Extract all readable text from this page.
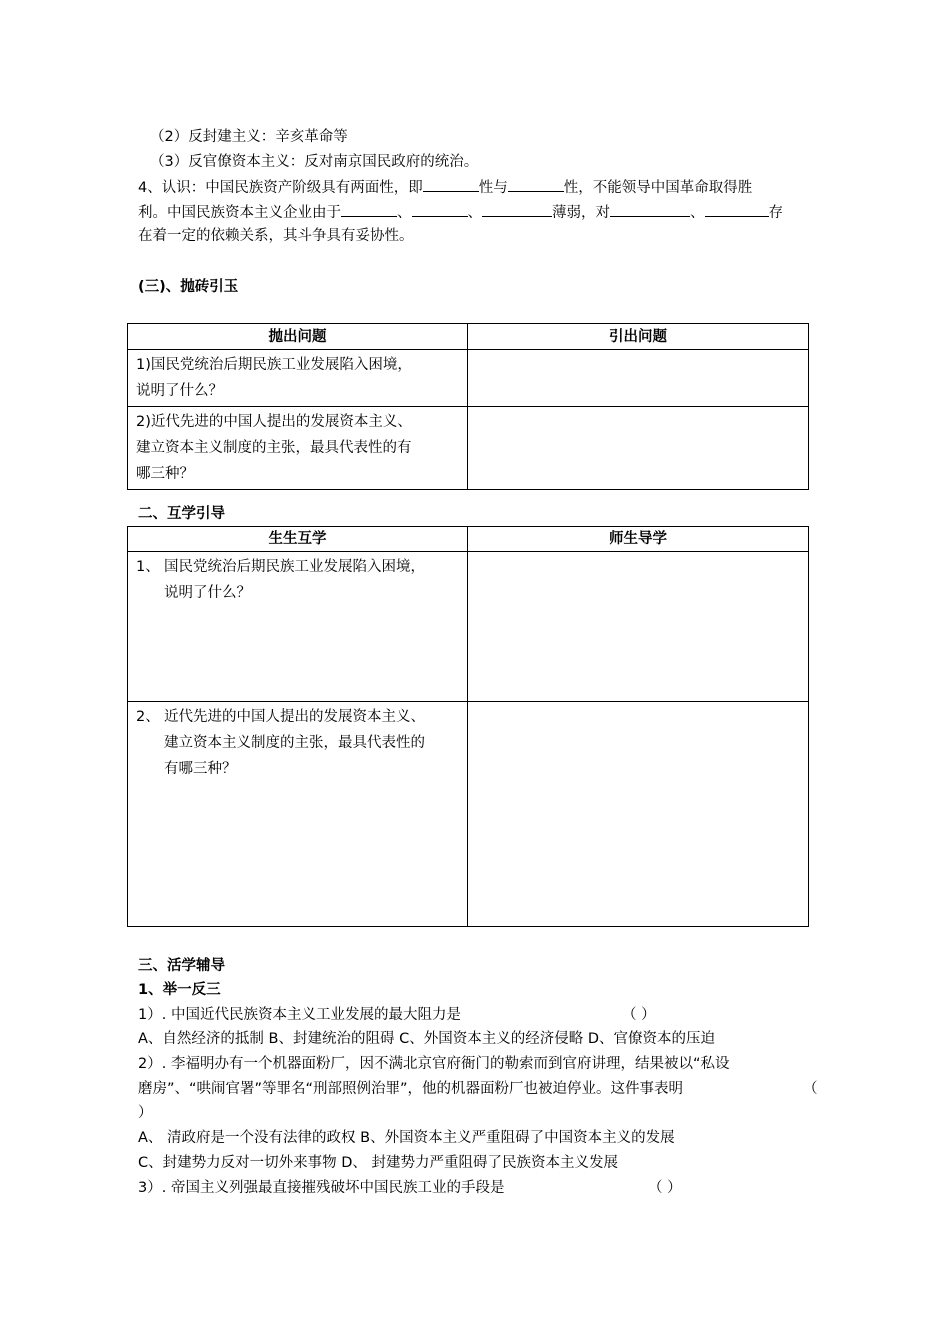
（2）反封建主义：辛亥革命等
（3）反官僚资本主义：反对南京国民政府的统治。
4、认识：中国民族资产阶级具有两面性，即	性与	性，不能领导中国革命取得胜
利。中国民族资本主义企业由于	、	、	薄弱，对	、	存
在着一定的依赖关系，其斗争具有妥协性。
(三)、抛砖引玉
抛出问题	引出问题

1)国民党统治后期民族工业发展陷入困境，
说明了什么？	

2)近代先进的中国人提出的发展资本主义、
建立资本主义制度的主张，最具代表性的有
哪三种？	

二、互学引导
生生互学	师生导学

1、 国民党统治后期民族工业发展陷入困境，
说明了什么？	

2、 近代先进的中国人提出的发展资本主义、
建立资本主义制度的主张，最具代表性的
有哪三种？	

三、活学辅导
1、举一反三
1）. 中国近代民族资本主义工业发展的最大阻力是	（ ）
A、自然经济的抵制 B、封建统治的阻碍 C、外国资本主义的经济侵略 D、官僚资本的压迫
2）. 李福明办有一个机器面粉厂，因不满北京官府衙门的勒索而到官府讲理，结果被以“私设
磨房”、“哄闹官署”等罪名“刑部照例治罪”，他的机器面粉厂也被迫停业。这件事表明	（
）
A、 清政府是一个没有法律的政权 B、外国资本主义严重阻碍了中国资本主义的发展
C、封建势力反对一切外来事物 D、 封建势力严重阻碍了民族资本主义发展
3）. 帝国主义列强最直接摧残破坏中国民族工业的手段是	（ ）
